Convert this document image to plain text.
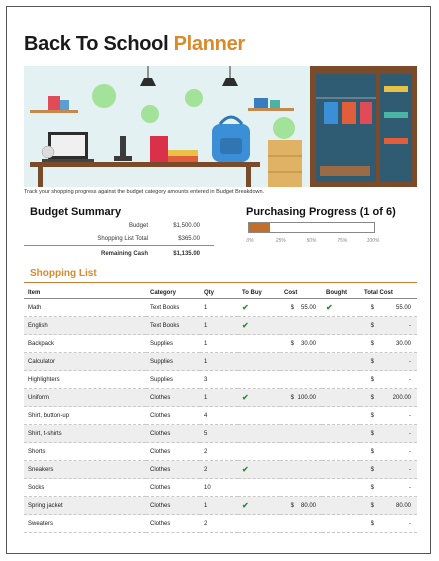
Back To School Planner
Track your shopping progress against the budget category amounts entered in Budget Breakdown.
Budget Summary
Budget	$1,500.00
Shopping List Total	$365.00
Remaining Cash	$1,135.00
Purchasing Progress (1 of 6)
0%	25%	50%	75%	100%
Shopping List
Item	Category	Qty	To Buy	Cost	Bought	Total Cost
Math	Text Books	1	✔	$ 55.00	✔	$ 55.00
English	Text Books	1	✔			$ -
Backpack	Supplies	1		$ 30.00		$ 30.00
Calculator	Supplies	1				$ -
Highlighters	Supplies	3				$ -
Uniform	Clothes	1	✔	$ 100.00		$ 200.00
Shirt, button-up	Clothes	4				$ -
Shirt, t-shirts	Clothes	5				$ -
Shorts	Clothes	2				$ -
Sneakers	Clothes	2	✔			$ -
Socks	Clothes	10				$ -
Spring jacket	Clothes	1	✔	$ 80.00		$ 80.00
Sweaters	Clothes	2				$ -
